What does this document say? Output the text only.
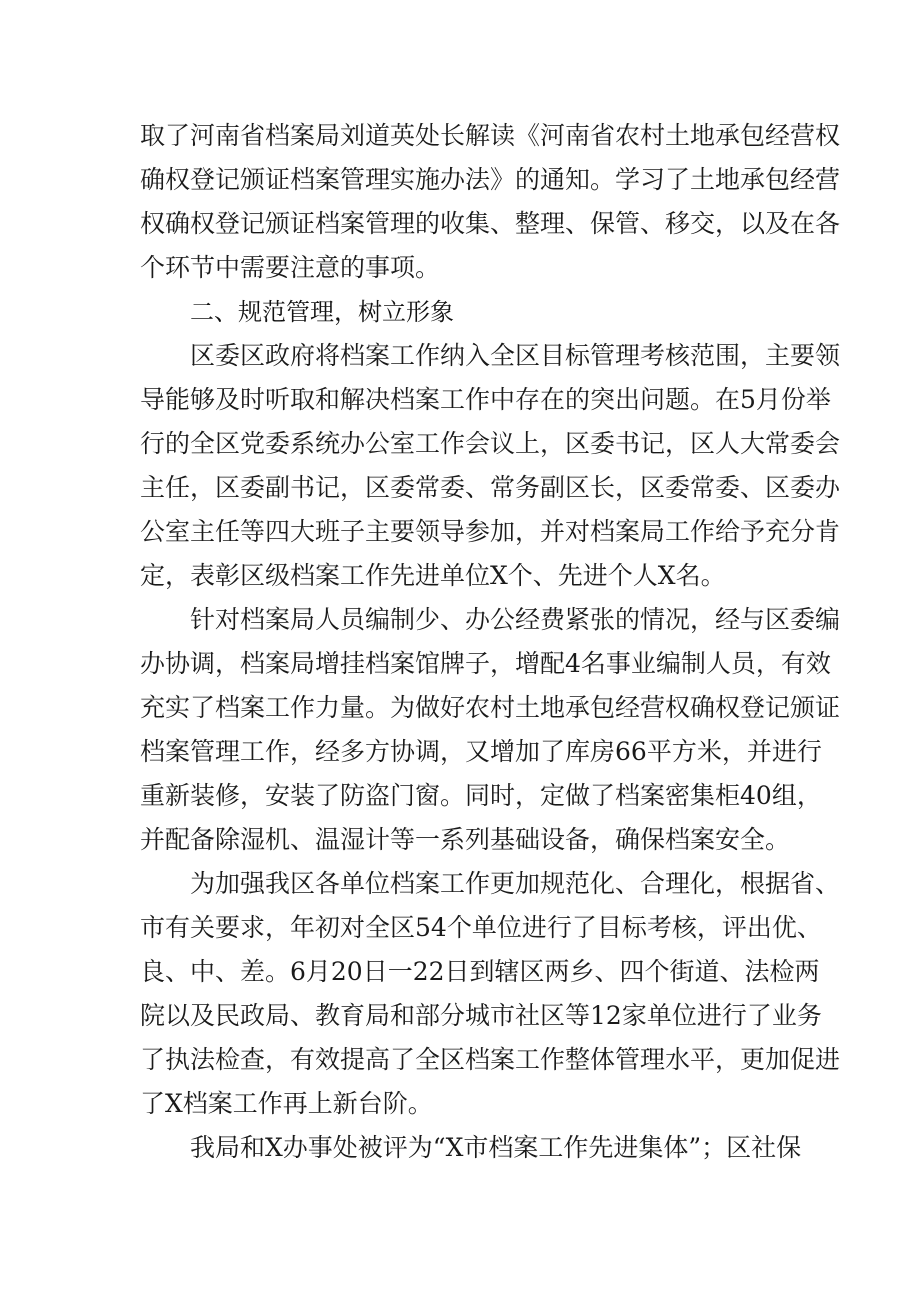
取了河南省档案局刘道英处长解读《河南省农村土地承包经营权
确权登记颁证档案管理实施办法》的通知。学习了土地承包经营
权确权登记颁证档案管理的收集、整理、保管、移交，以及在各
个环节中需要注意的事项。
二、规范管理，树立形象
区委区政府将档案工作纳入全区目标管理考核范围，主要领
导能够及时听取和解决档案工作中存在的突出问题。在5月份举
行的全区党委系统办公室工作会议上，区委书记，区人大常委会
主任，区委副书记，区委常委、常务副区长，区委常委、区委办
公室主任等四大班子主要领导参加，并对档案局工作给予充分肯
定，表彰区级档案工作先进单位X个、先进个人X名。
针对档案局人员编制少、办公经费紧张的情况，经与区委编
办协调，档案局增挂档案馆牌子，增配4名事业编制人员，有效
充实了档案工作力量。为做好农村土地承包经营权确权登记颁证
档案管理工作，经多方协调，又增加了库房66平方米，并进行
重新装修，安装了防盗门窗。同时，定做了档案密集柜40组，
并配备除湿机、温湿计等一系列基础设备，确保档案安全。
为加强我区各单位档案工作更加规范化、合理化，根据省、
市有关要求，年初对全区54个单位进行了目标考核，评出优、
良、中、差。6月20日一22日到辖区两乡、四个街道、法检两
院以及民政局、教育局和部分城市社区等12家单位进行了业务
了执法检查，有效提高了全区档案工作整体管理水平，更加促进
了X档案工作再上新台阶。
我局和X办事处被评为“X市档案工作先进集体”；区社保
